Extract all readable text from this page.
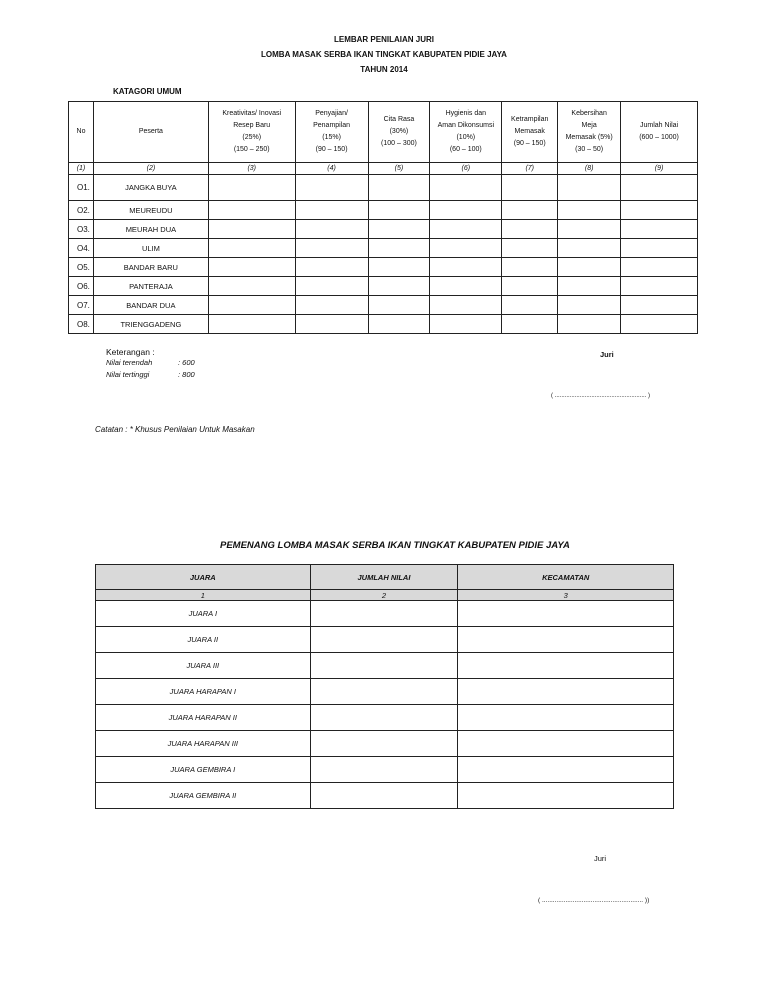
LEMBAR PENILAIAN JURI
LOMBA MASAK SERBA IKAN TINGKAT KABUPATEN PIDIE JAYA
TAHUN 2014
KATAGORI UMUM
No	Peserta	Kreativitas/ Inovasi
Resep Baru
(25%)
(150 – 250)	Penyajian/
Penampilan
(15%)
(90 – 150)	Cita Rasa
(30%)
(100 – 300)	Hygienis dan
Aman Dikonsumsi
(10%)
(60 – 100)	Ketrampilan
Memasak
(90 – 150)	Kebersihan
Meja
Memasak (5%)
(30 – 50)	Jumlah Nilai
(600 – 1000)
(1)	(2)	(3)	(4)	(5)	(6)	(7)	(8)	(9)
O1.	JANGKA BUYA							
O2.	MEUREUDU							
O3.	MEURAH DUA							
O4.	ULIM							
O5.	BANDAR BARU							
O6.	PANTERAJA							
O7.	BANDAR DUA							
O8.	TRIENGGADENG							
Keterangan :
Nilai terendah	: 600
Nilai tertinggi	: 800
Juri
( ....................................................... )
Catatan : * Khusus Penilaian Untuk Masakan
PEMENANG LOMBA MASAK SERBA IKAN TINGKAT KABUPATEN PIDIE JAYA
JUARA	JUMLAH NILAI	KECAMATAN
1	2	3
JUARA I		
JUARA II		
JUARA III		
JUARA HARAPAN I		
JUARA HARAPAN II		
JUARA HARAPAN III		
JUARA GEMBIRA I		
JUARA GEMBIRA II		
Juri
( ........................................................ ))
